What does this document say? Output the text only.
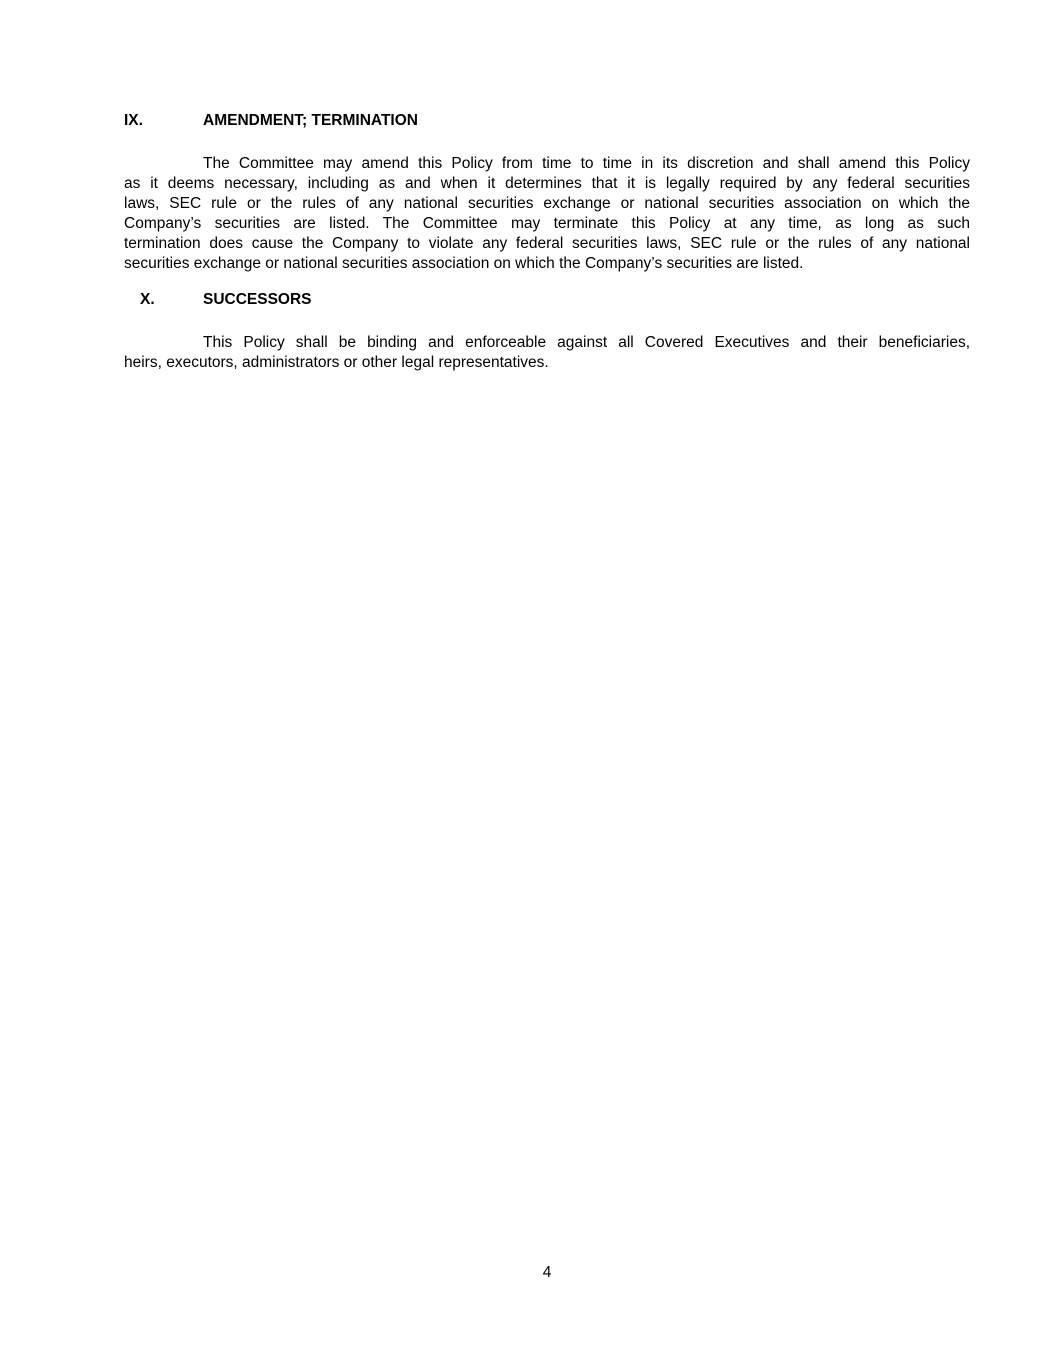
IX.	AMENDMENT; TERMINATION
The Committee may amend this Policy from time to time in its discretion and shall amend this Policy
as it deems necessary, including as and when it determines that it is legally required by any federal securities
laws, SEC rule or the rules of any national securities exchange or national securities association on which the
Company’s securities are listed. The Committee may terminate this Policy at any time, as long as such
termination does cause the Company to violate any federal securities laws, SEC rule or the rules of any national
securities exchange or national securities association on which the Company’s securities are listed.
X.	SUCCESSORS
This Policy shall be binding and enforceable against all Covered Executives and their beneficiaries,
heirs, executors, administrators or other legal representatives.
4
